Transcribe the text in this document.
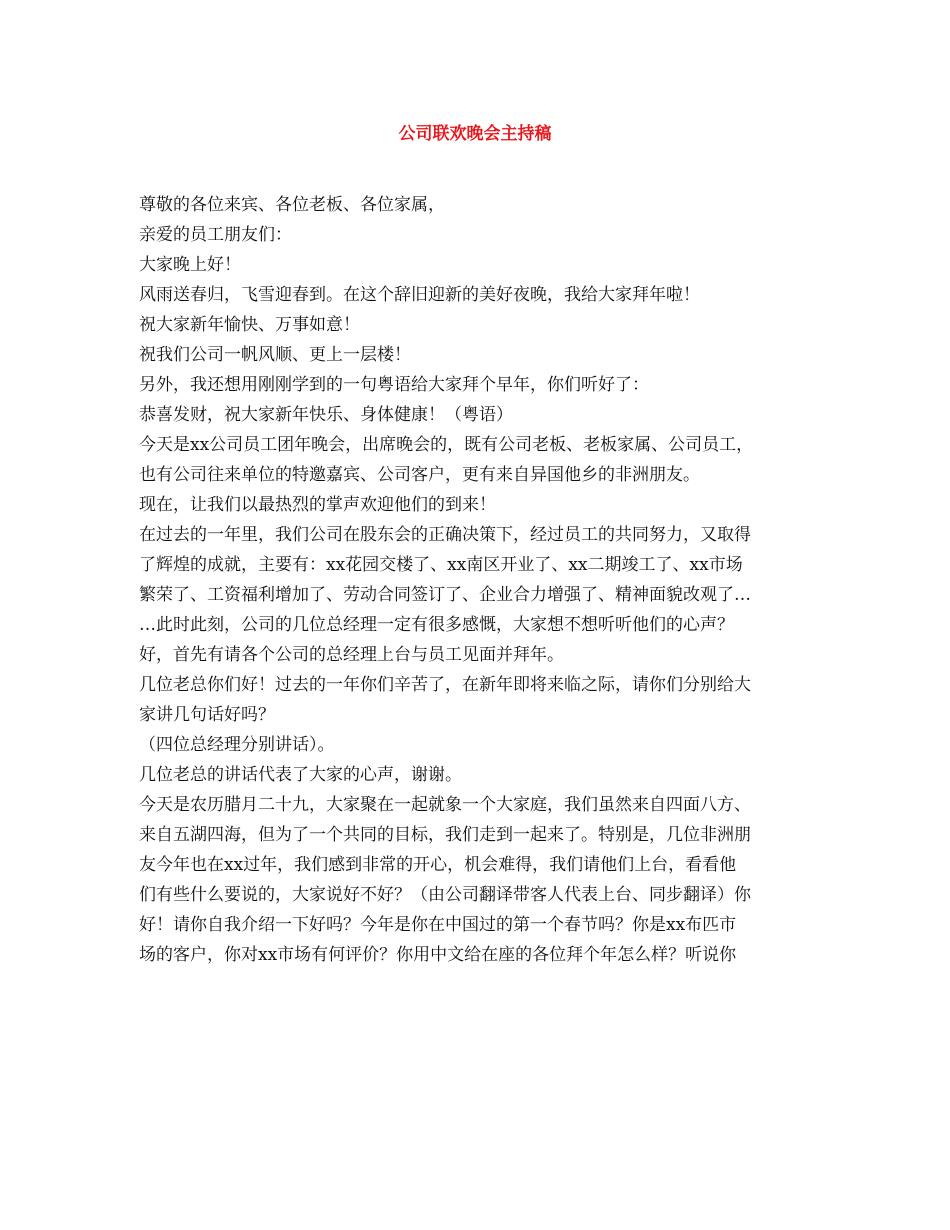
公司联欢晚会主持稿
尊敬的各位来宾、各位老板、各位家属，
亲爱的员工朋友们：
大家晚上好！
风雨送春归，飞雪迎春到。在这个辞旧迎新的美好夜晚，我给大家拜年啦！
祝大家新年愉快、万事如意！
祝我们公司一帆风顺、更上一层楼！
另外，我还想用刚刚学到的一句粤语给大家拜个早年，你们听好了：
恭喜发财，祝大家新年快乐、身体健康！（粤语）
今天是xx公司员工团年晚会，出席晚会的，既有公司老板、老板家属、公司员工，
也有公司往来单位的特邀嘉宾、公司客户，更有来自异国他乡的非洲朋友。
现在，让我们以最热烈的掌声欢迎他们的到来！
在过去的一年里，我们公司在股东会的正确决策下，经过员工的共同努力，又取得
了辉煌的成就，主要有：xx花园交楼了、xx南区开业了、xx二期竣工了、xx市场
繁荣了、工资福利增加了、劳动合同签订了、企业合力增强了、精神面貌改观了…
…此时此刻，公司的几位总经理一定有很多感慨，大家想不想听听他们的心声？
好，首先有请各个公司的总经理上台与员工见面并拜年。
几位老总你们好！过去的一年你们辛苦了，在新年即将来临之际，请你们分别给大
家讲几句话好吗？
（四位总经理分别讲话）。
几位老总的讲话代表了大家的心声，谢谢。
今天是农历腊月二十九，大家聚在一起就象一个大家庭，我们虽然来自四面八方、
来自五湖四海，但为了一个共同的目标，我们走到一起来了。特别是，几位非洲朋
友今年也在xx过年，我们感到非常的开心，机会难得，我们请他们上台，看看他
们有些什么要说的，大家说好不好？（由公司翻译带客人代表上台、同步翻译）你
好！请你自我介绍一下好吗？今年是你在中国过的第一个春节吗？你是xx布匹市
场的客户，你对xx市场有何评价？你用中文给在座的各位拜个年怎么样？听说你
